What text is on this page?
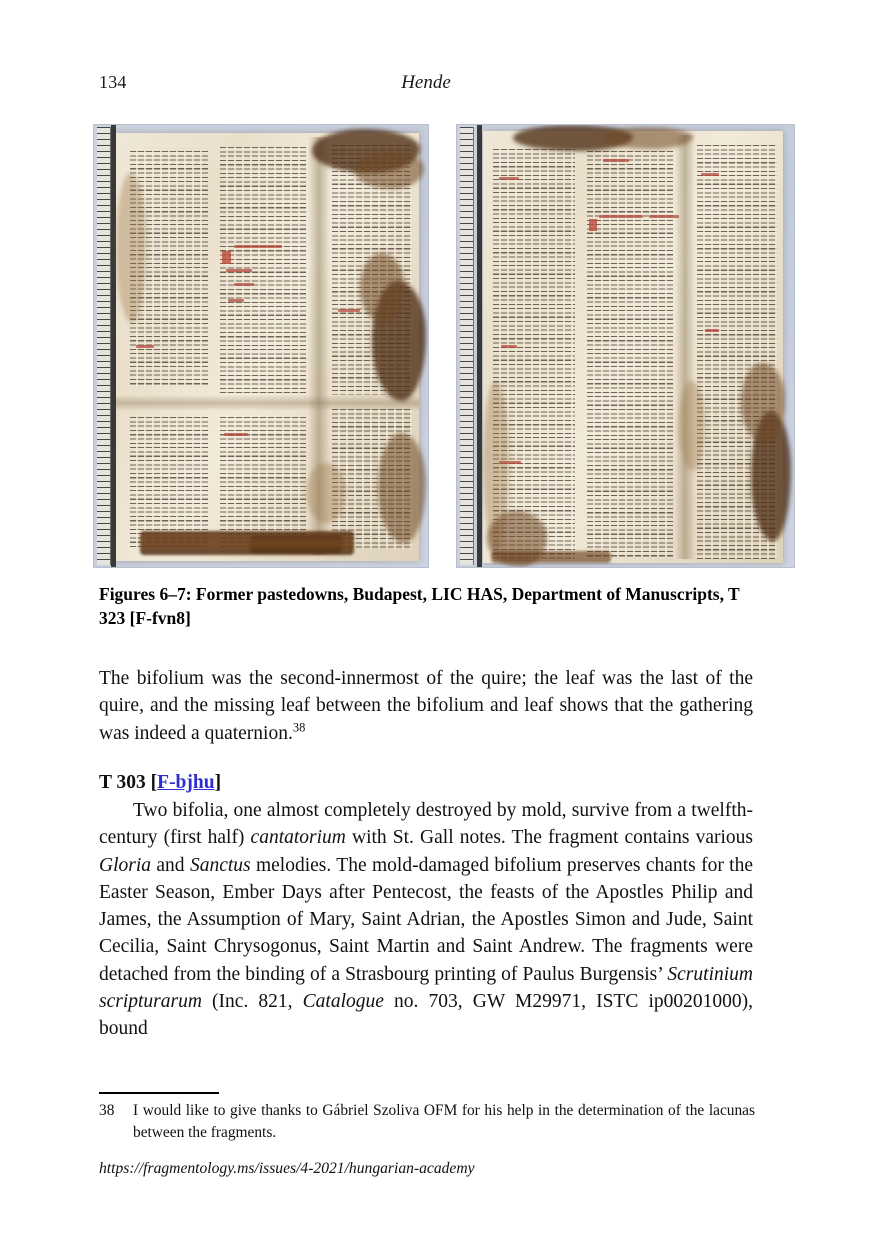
134	Hende
Figures 6–7: Former pastedowns, Budapest, LIC HAS, Department of Manuscripts, T 323 [F-fvn8]
The bifolium was the second-innermost of the quire; the leaf was the last of the quire, and the missing leaf between the bifolium and leaf shows that the gathering was indeed a quaternion.$^{38}$
T 303 [F-bjhu]
Two bifolia, one almost completely destroyed by mold, survive from a twelfth-century (first half) cantatorium with St. Gall notes. The fragment contains various Gloria and Sanctus melodies. The mold-damaged bifolium preserves chants for the Easter Season, Ember Days after Pentecost, the feasts of the Apostles Philip and James, the Assumption of Mary, Saint Adrian, the Apostles Simon and Jude, Saint Cecilia, Saint Chrysogonus, Saint Martin and Saint Andrew. The fragments were detached from the binding of a Strasbourg printing of Paulus Burgensis’ Scrutinium scripturarum (Inc. 821, Catalogue no. 703, GW M29971, ISTC ip00201000), bound
38	I would like to give thanks to Gábriel Szoliva OFM for his help in the determination of the lacunas between the fragments.
https://fragmentology.ms/issues/4-2021/hungarian-academy
